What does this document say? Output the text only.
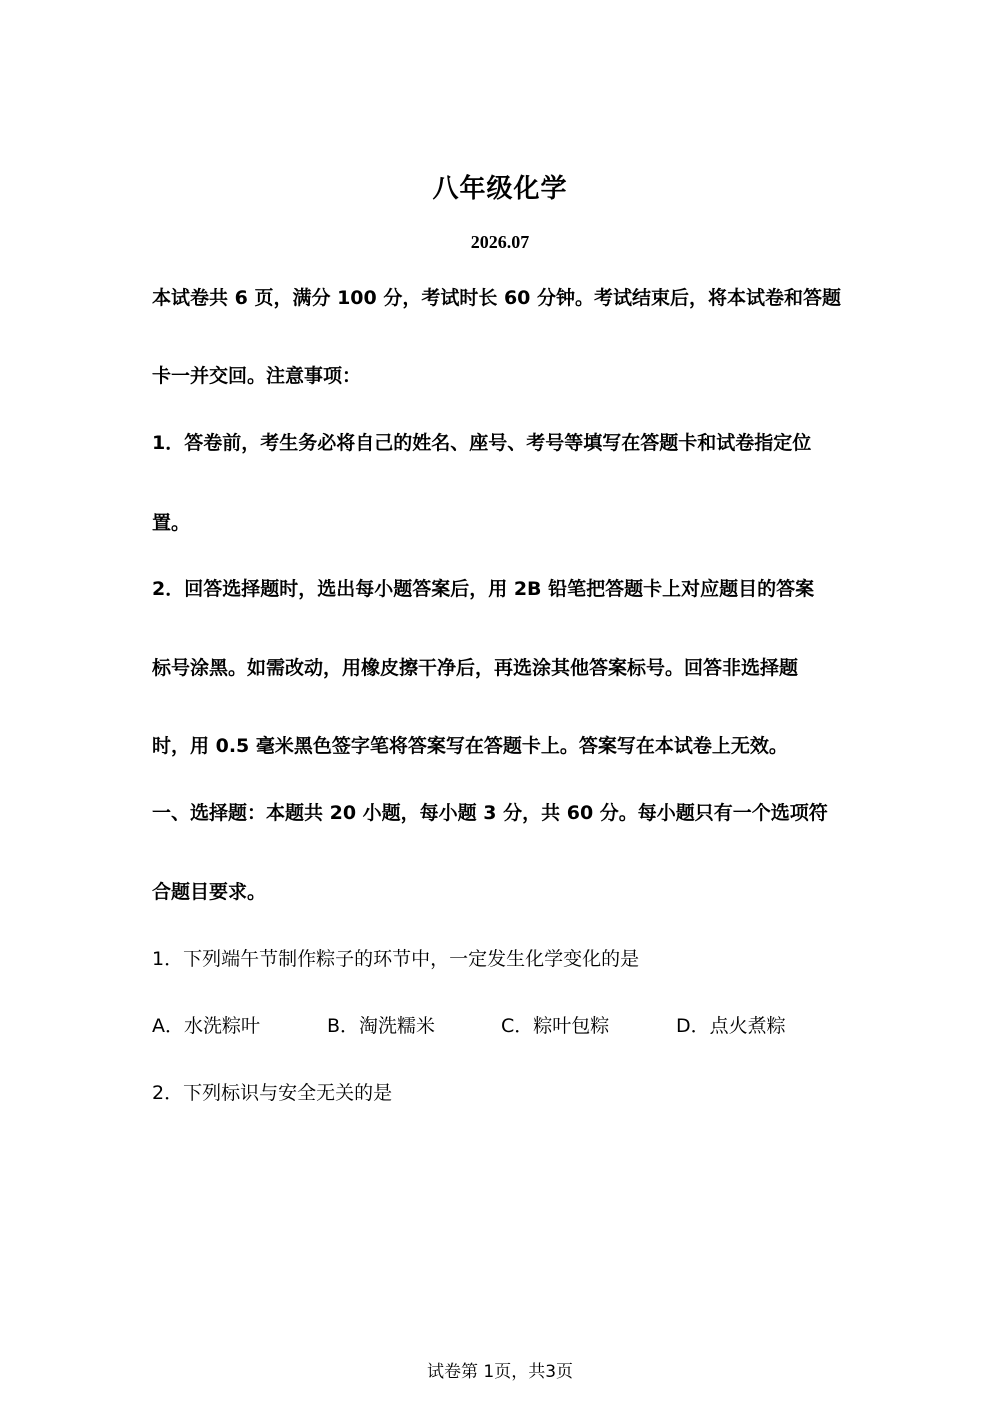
八年级化学
2026.07
本试卷共 6 页，满分 100 分，考试时长 60 分钟。考试结束后，将本试卷和答题
卡一并交回。注意事项：
1．答卷前，考生务必将自己的姓名、座号、考号等填写在答题卡和试卷指定位
置。
2．回答选择题时，选出每小题答案后，用 2B 铅笔把答题卡上对应题目的答案
标号涂黑。如需改动，用橡皮擦干净后，再选涂其他答案标号。回答非选择题
时，用 0.5 毫米黑色签字笔将答案写在答题卡上。答案写在本试卷上无效。
一、选择题：本题共 20 小题，每小题 3 分，共 60 分。每小题只有一个选项符
合题目要求。
1．下列端午节制作粽子的环节中，一定发生化学变化的是
A．水洗粽叶	B．淘洗糯米	C．粽叶包粽	D．点火煮粽
2．下列标识与安全无关的是
试卷第 1页，共3页
